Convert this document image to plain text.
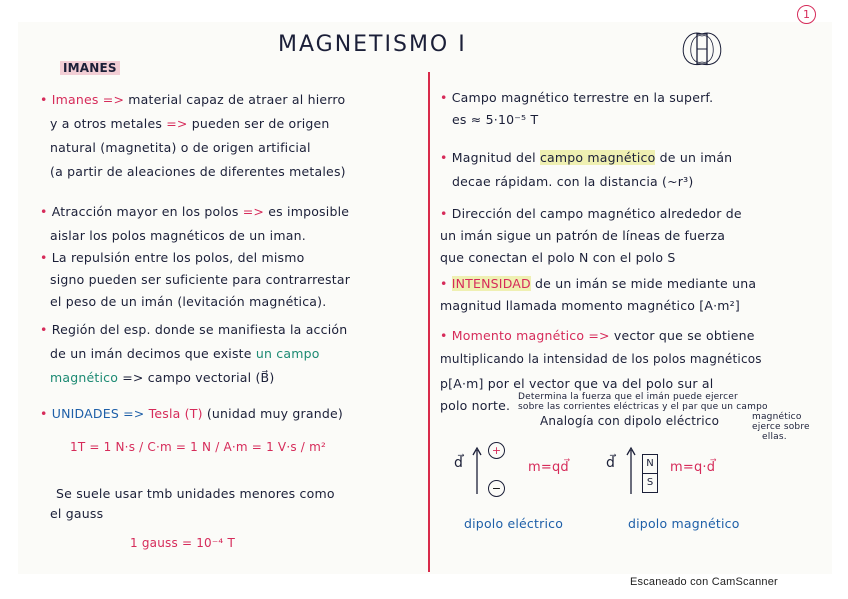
1
MAGNETISMO I
IMANES
• Imanes => material capaz de atraer al hierro
y a otros metales => pueden ser de origen
natural (magnetita) o de origen artificial
(a partir de aleaciones de diferentes metales)
• Atracción mayor en los polos => es imposible
aislar los polos magnéticos de un iman.
• La repulsión entre los polos, del mismo
signo pueden ser suficiente para contrarrestar
el peso de un imán (levitación magnética).
• Región del esp. donde se manifiesta la acción
de un imán decimos que existe un campo
magnético => campo vectorial (B⃗)
• UNIDADES => Tesla (T) (unidad muy grande)
1T = 1 N·s / C·m = 1 N / A·m = 1 V·s / m²
Se suele usar tmb unidades menores como
el gauss
1 gauss = 10⁻⁴ T
• Campo magnético terrestre en la superf.
es ≈ 5·10⁻⁵ T
• Magnitud del campo magnético de un imán
decae rápidam. con la distancia (~r³)
• Dirección del campo magnético alrededor de
un imán sigue un patrón de líneas de fuerza
que conectan el polo N con el polo S
• INTENSIDAD de un imán se mide mediante una
magnitud llamada momento magnético [A·m²]
• Momento magnético => vector que se obtiene
multiplicando la intensidad de los polos magnéticos
p[A·m] por el vector que va del polo sur al
polo norte.
Determina la fuerza que el imán puede ejercer
sobre las corrientes eléctricas y el par que un campo
magnético
ejerce sobre
ellas.
Analogía con dipolo eléctrico
d⃗
+
−
m=qd⃗	d⃗	N
S
m=q·d⃗
dipolo eléctrico	dipolo magnético
Escaneado con CamScanner
